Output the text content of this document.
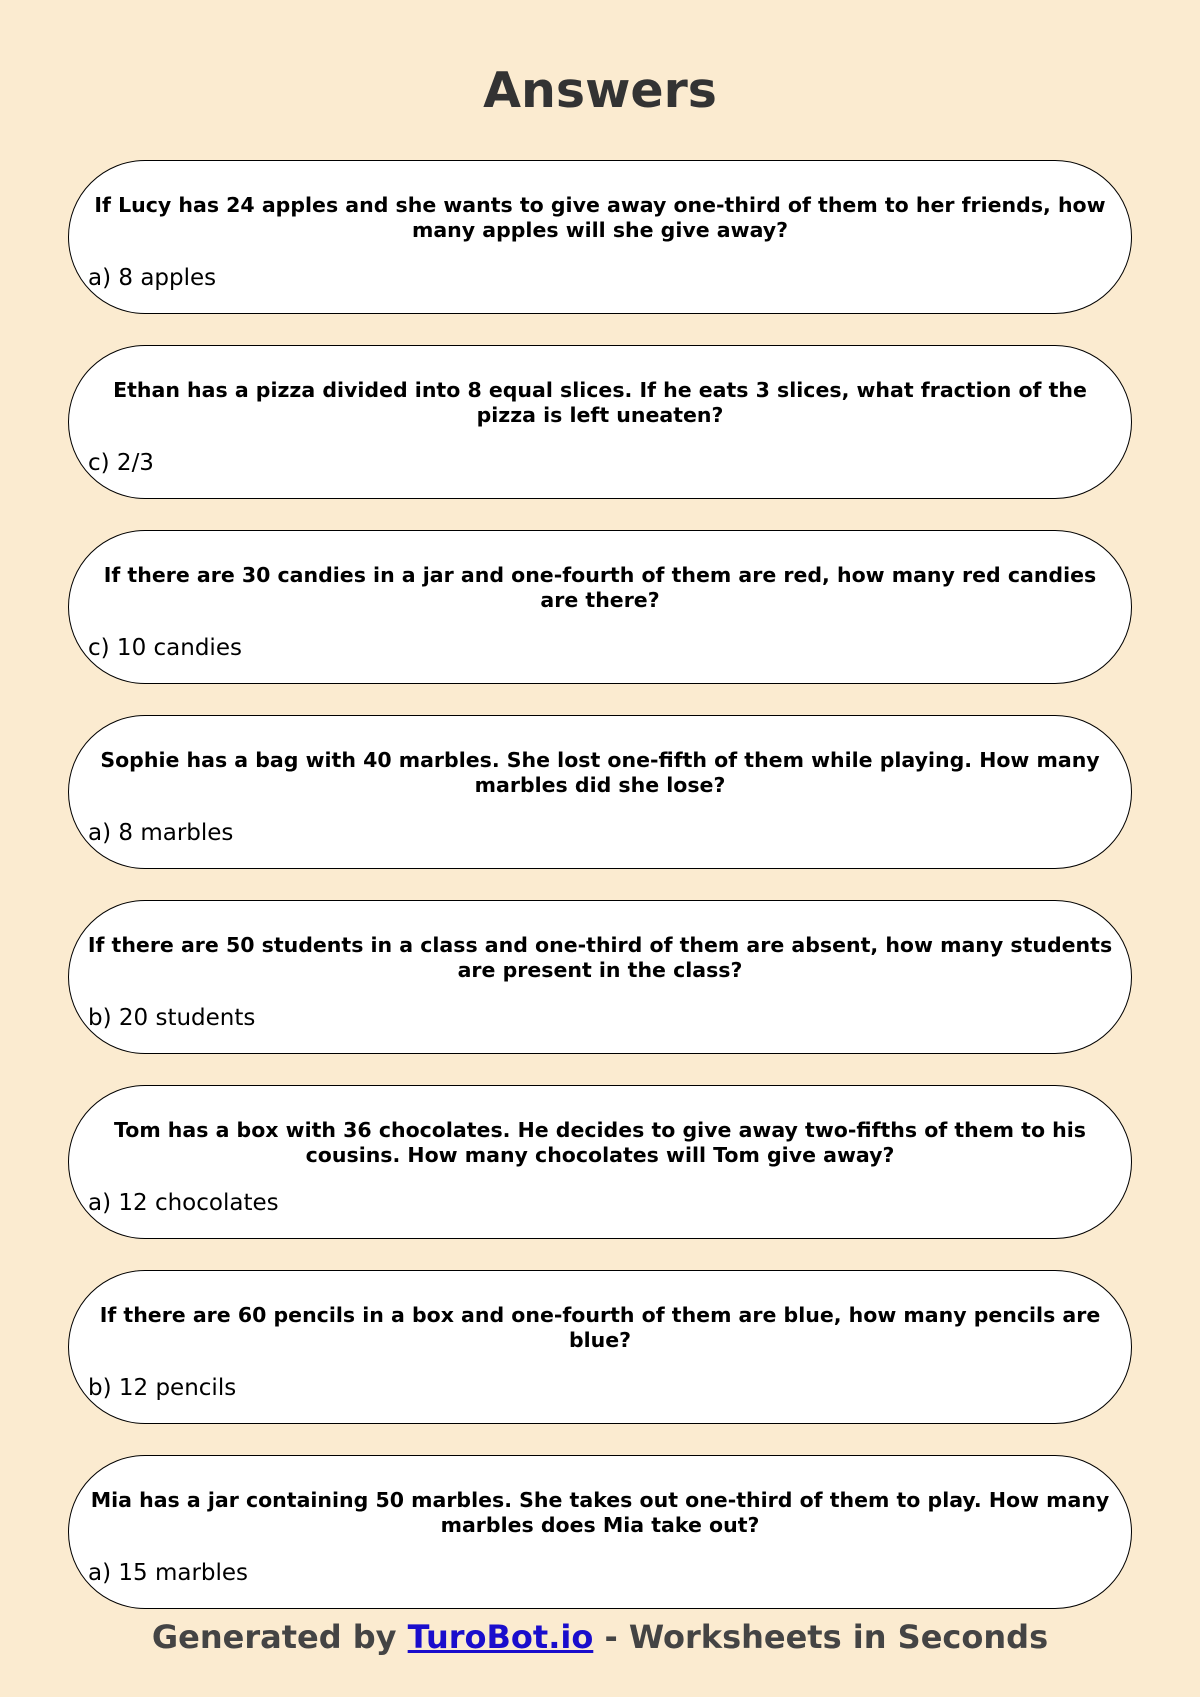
Answers
If Lucy has 24 apples and she wants to give away one-third of them to her friends, how many apples will she give away?
a) 8 apples
Ethan has a pizza divided into 8 equal slices. If he eats 3 slices, what fraction of the pizza is left uneaten?
c) 2/3
If there are 30 candies in a jar and one-fourth of them are red, how many red candies are there?
c) 10 candies
Sophie has a bag with 40 marbles. She lost one-fifth of them while playing. How many marbles did she lose?
a) 8 marbles
If there are 50 students in a class and one-third of them are absent, how many students are present in the class?
b) 20 students
Tom has a box with 36 chocolates. He decides to give away two-fifths of them to his cousins. How many chocolates will Tom give away?
a) 12 chocolates
If there are 60 pencils in a box and one-fourth of them are blue, how many pencils are blue?
b) 12 pencils
Mia has a jar containing 50 marbles. She takes out one-third of them to play. How many marbles does Mia take out?
a) 15 marbles
Generated by TuroBot.io - Worksheets in Seconds
